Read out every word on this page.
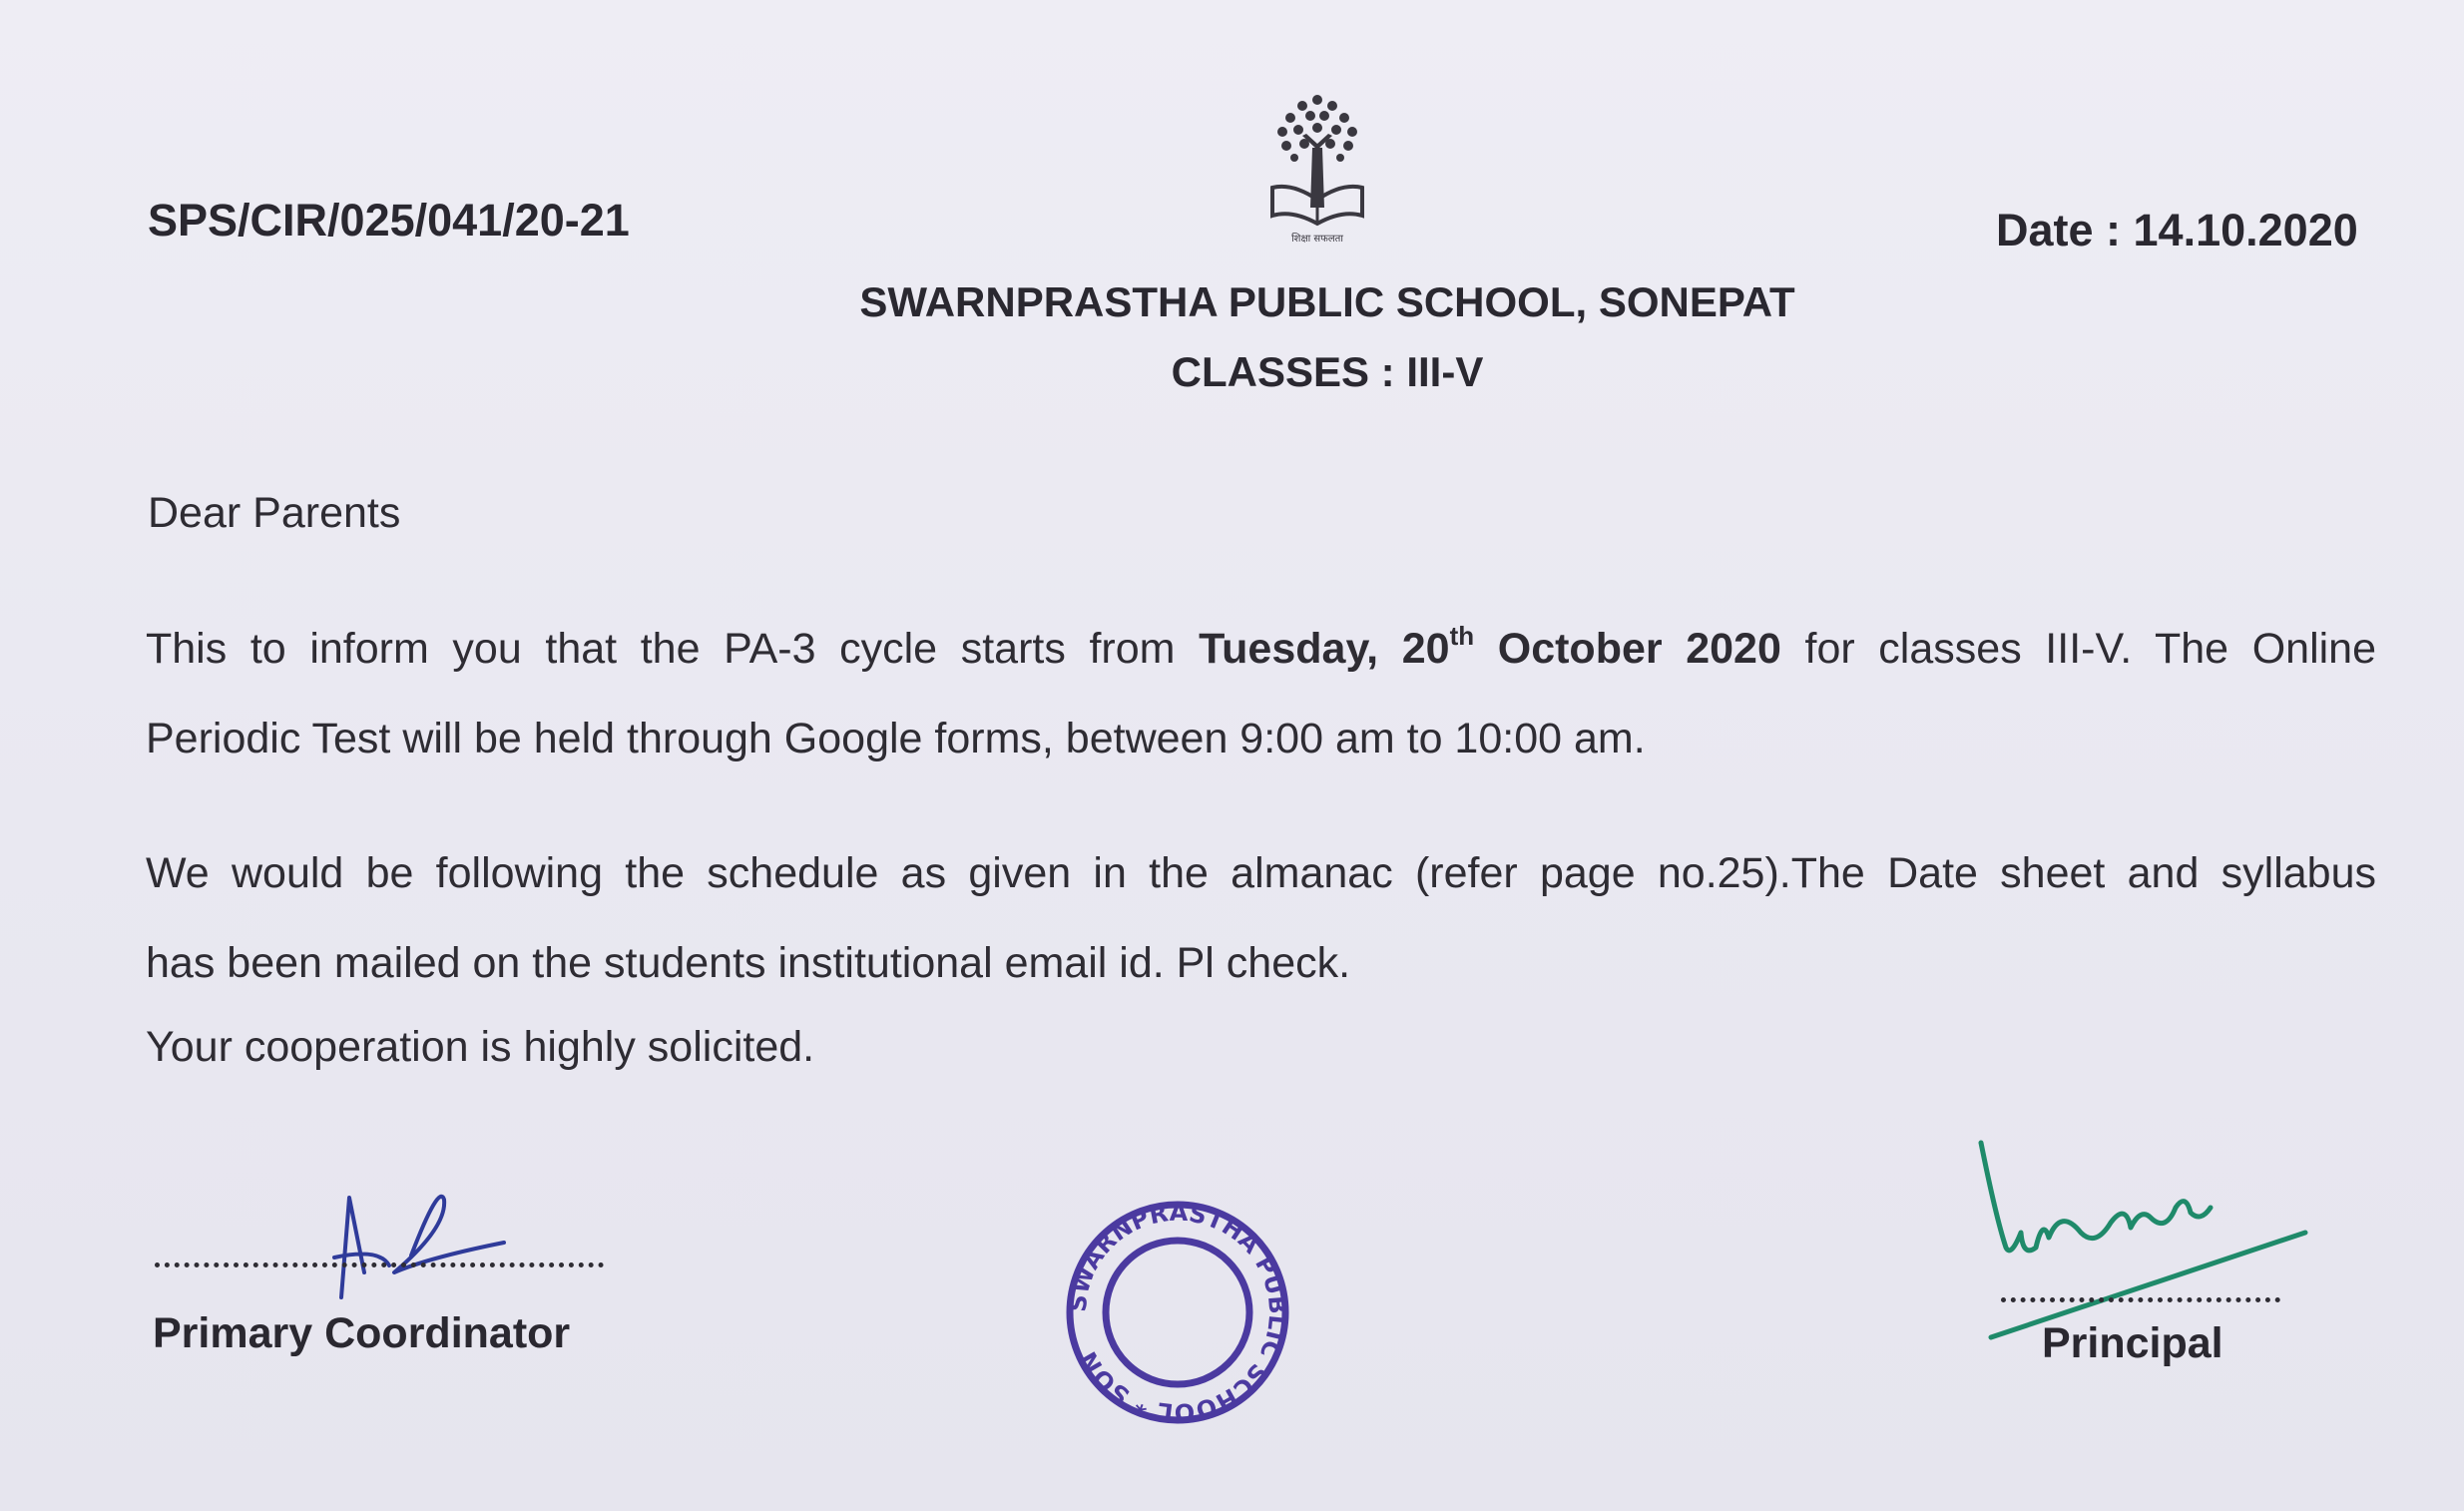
SPS/CIR/025/041/20-21	Date : 14.10.2020
शिक्षा सफलता
SWARNPRASTHA PUBLIC SCHOOL, SONEPAT
CLASSES : III-V
Dear Parents
This to inform you that the PA-3 cycle starts from Tuesday, 20th October 2020 for classes III-V. The Online
Periodic Test will be held through Google forms, between 9:00 am to 10:00 am.
We would be following the schedule as given in the almanac (refer page no.25).The Date sheet and syllabus
has been mailed on the students institutional email id. Pl check.
Your cooperation is highly solicited.
Primary Coordinator
SWARNPRASTHA PUBLIC SCHOOL * SON	Principal
